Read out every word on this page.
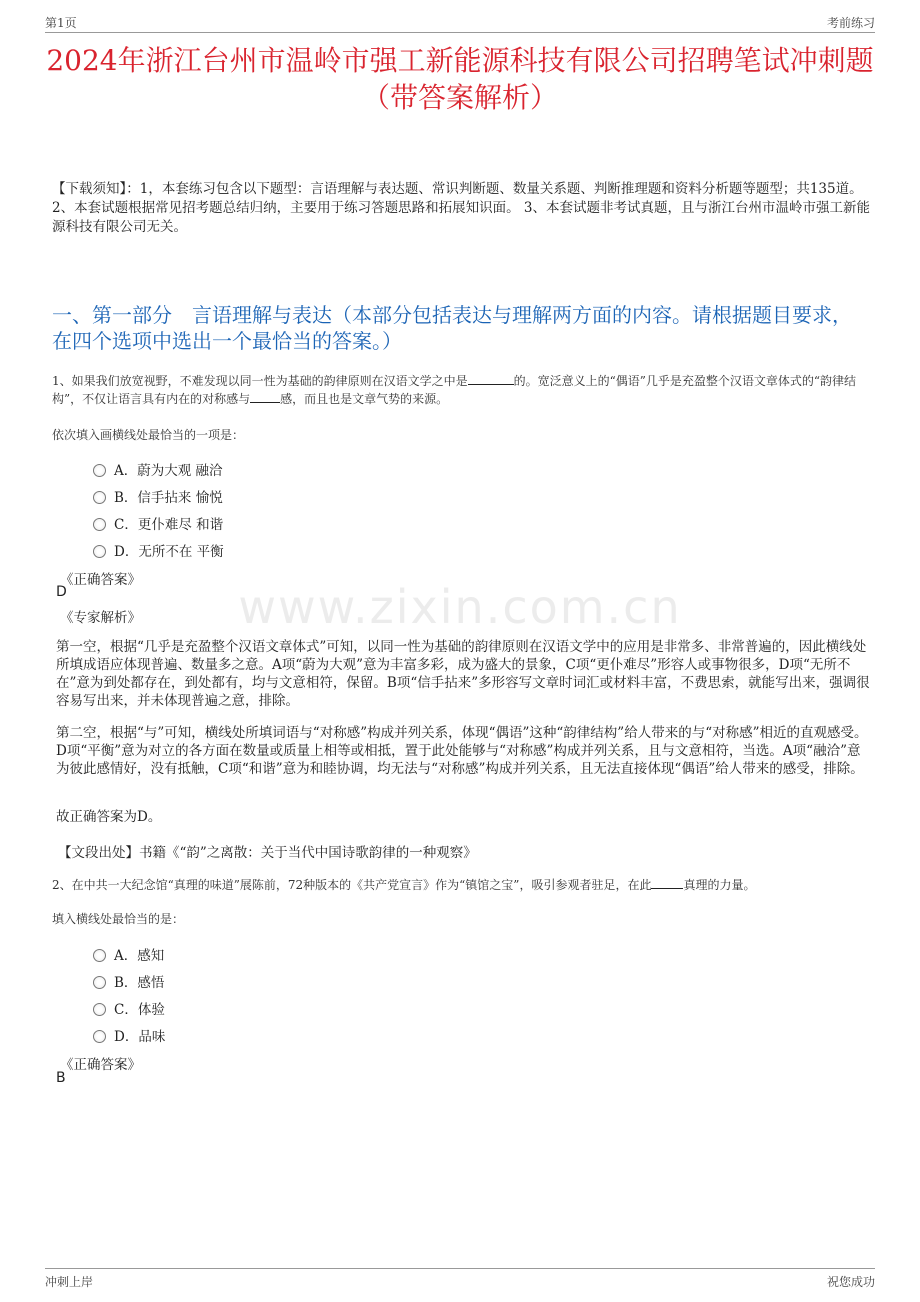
第1页	考前练习
2024年浙江台州市温岭市强工新能源科技有限公司招聘笔试冲刺题（带答案解析）
【下载须知】：1，本套练习包含以下题型：言语理解与表达题、常识判断题、数量关系题、判断推理题和资料分析题等题型；共135道。 2、本套试题根据常见招考题总结归纳，主要用于练习答题思路和拓展知识面。 3、本套试题非考试真题，且与浙江台州市温岭市强工新能源科技有限公司无关。
一、第一部分　言语理解与表达（本部分包括表达与理解两方面的内容。请根据题目要求，在四个选项中选出一个最恰当的答案。）
www.zixin.com.cn
1、如果我们放宽视野，不难发现以同一性为基础的韵律原则在汉语文学之中是	的。宽泛意义上的“偶语”几乎是充盈整个汉语文章体式的“韵律结构”，不仅让语言具有内在的对称感与	感，而且也是文章气势的来源。
依次填入画横线处最恰当的一项是：
A．蔚为大观 融洽
B．信手拈来 愉悦
C．更仆难尽 和谐
D．无所不在 平衡
《正确答案》
D
《专家解析》
第一空，根据“几乎是充盈整个汉语文章体式”可知，以同一性为基础的韵律原则在汉语文学中的应用是非常多、非常普遍的，因此横线处所填成语应体现普遍、数量多之意。A项“蔚为大观”意为丰富多彩，成为盛大的景象，C项“更仆难尽”形容人或事物很多，D项“无所不在”意为到处都存在，到处都有，均与文意相符，保留。B项“信手拈来”多形容写文章时词汇或材料丰富，不费思索，就能写出来，强调很容易写出来，并未体现普遍之意，排除。
第二空，根据“与”可知，横线处所填词语与“对称感”构成并列关系，体现“偶语”这种“韵律结构”给人带来的与“对称感”相近的直观感受。D项“平衡”意为对立的各方面在数量或质量上相等或相抵，置于此处能够与“对称感”构成并列关系，且与文意相符，当选。A项“融洽”意为彼此感情好，没有抵触，C项“和谐”意为和睦协调，均无法与“对称感”构成并列关系，且无法直接体现“偶语”给人带来的感受，排除。
故正确答案为D。
【文段出处】书籍《“韵”之离散：关于当代中国诗歌韵律的一种观察》
2、在中共一大纪念馆“真理的味道”展陈前，72种版本的《共产党宣言》作为“镇馆之宝”，吸引参观者驻足，在此	真理的力量。
填入横线处最恰当的是：
A．感知
B．感悟
C．体验
D．品味
《正确答案》
B
冲刺上岸	祝您成功
